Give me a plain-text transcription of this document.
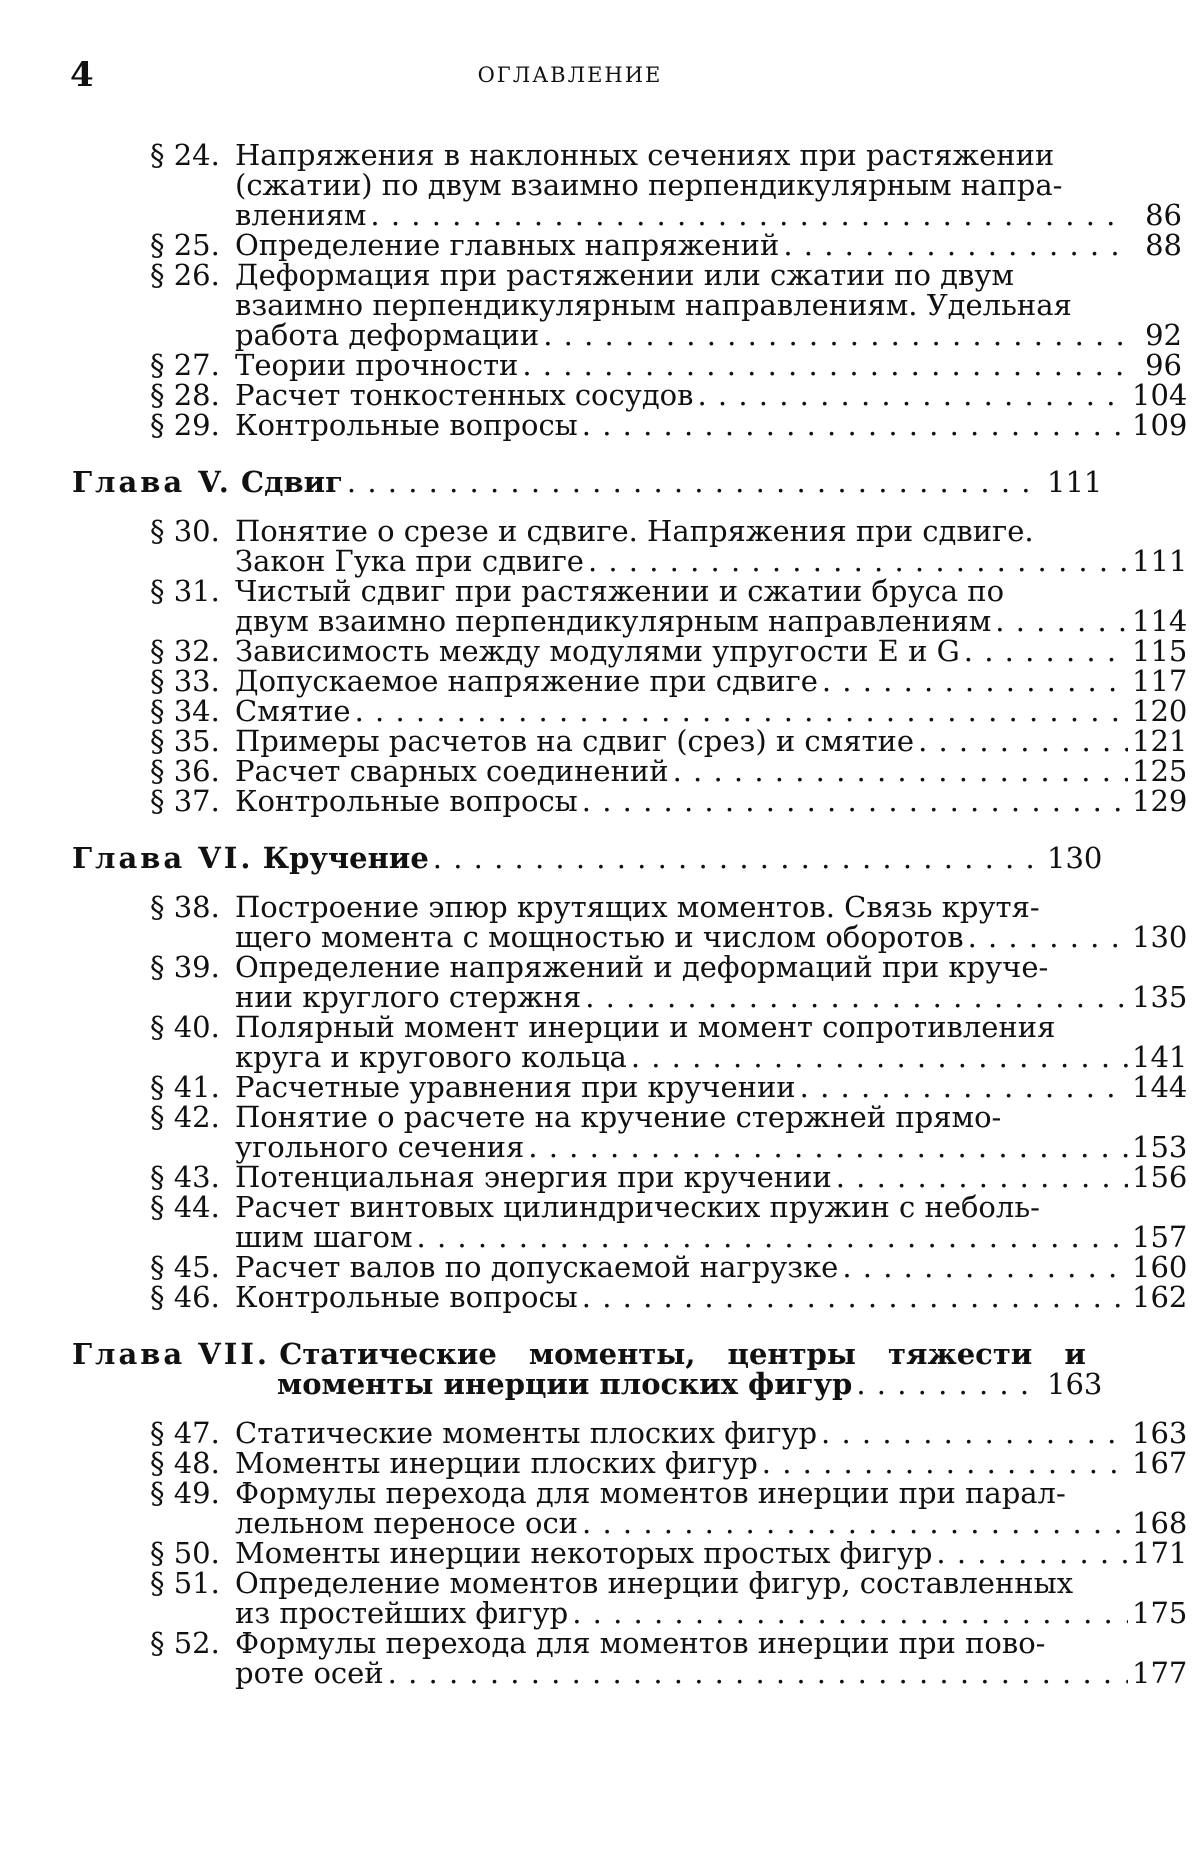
4	ОГЛАВЛЕНИЕ
§ 24. Напряжения в наклонных сечениях при растяжении
(сжатии) по двум взаимно перпендикулярным напра-
влениям . .	86
§ 25. Определение главных напряжений . .	88
§ 26. Деформация при растяжении или сжатии по двум
взаимно перпендикулярным направлениям. Удельная
работа деформации . .	92
§ 27. Теории прочности . .	96
§ 28. Расчет тонкостенных сосудов . .	104
§ 29. Контрольные вопросы . .	109
Глава V.
Сдвиг . .	111
§ 30. Понятие о срезе и сдвиге. Напряжения при сдвиге.
Закон Гука при сдвиге . .	111
§ 31. Чистый сдвиг при растяжении и сжатии бруса по
двум взаимно перпендикулярным направлениям . .	114
§ 32. Зависимость между модулями упругости E и G . .	115
§ 33. Допускаемое напряжение при сдвиге . .	117
§ 34. Смятие . .	120
§ 35. Примеры расчетов на сдвиг (срез) и смятие . .	121
§ 36. Расчет сварных соединений . .	125
§ 37. Контрольные вопросы . .	129
Глава VI.
Кручение . .	130
§ 38. Построение эпюр крутящих моментов. Связь крутя-
щего момента с мощностью и числом оборотов . .	130
§ 39. Определение напряжений и деформаций при круче-
нии круглого стержня . .	135
§ 40. Полярный момент инерции и момент сопротивления
круга и кругового кольца . .	141
§ 41. Расчетные уравнения при кручении . .	144
§ 42. Понятие о расчете на кручение стержней прямо-
угольного сечения . .	153
§ 43. Потенциальная энергия при кручении . .	156
§ 44. Расчет винтовых цилиндрических пружин с неболь-
шим шагом . .	157
§ 45. Расчет валов по допускаемой нагрузке . .	160
§ 46. Контрольные вопросы . .	162
Глава VII.
Статические моменты, центры тяжести и
моменты инерции плоских фигур . .	163
§ 47. Статические моменты плоских фигур . .	163
§ 48. Моменты инерции плоских фигур . .	167
§ 49. Формулы перехода для моментов инерции при парал-
лельном переносе оси . .	168
§ 50. Моменты инерции некоторых простых фигур . .	171
§ 51. Определение моментов инерции фигур, составленных
из простейших фигур . .	175
§ 52. Формулы перехода для моментов инерции при пово-
роте осей . .	177
